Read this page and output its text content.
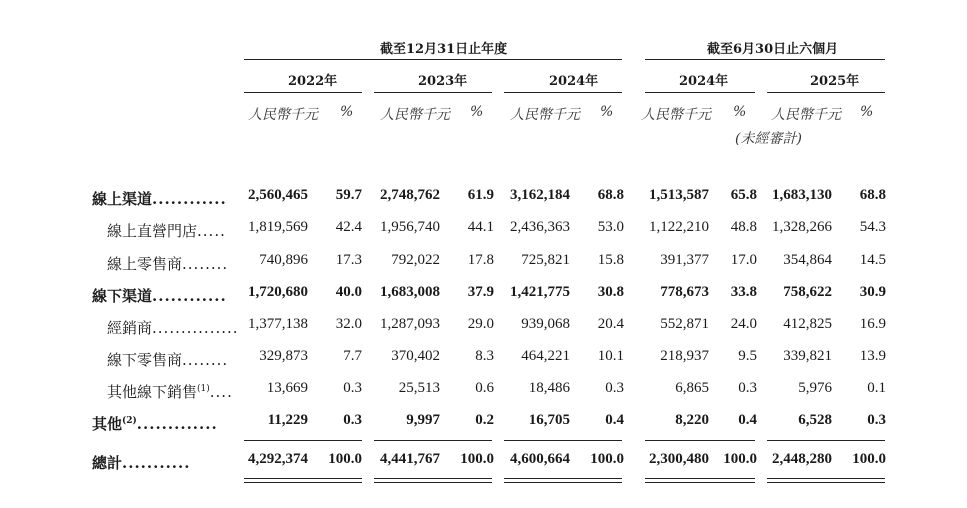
截至12月31日止年度	截至6月30日止六個月
2022年	2023年	2024年	2024年	2025年
人民幣千元 % 人民幣千元 % 人民幣千元 % 人民幣千元 % 人民幣千元 %
(未經審計)
線上渠道............ 2,560,465 59.7 2,748,762 61.9 3,162,184 68.8 1,513,587 65.8 1,683,130 68.8
線上直營門店..... 1,819,569 42.4 1,956,740 44.1 2,436,363 53.0 1,122,210 48.8 1,328,266 54.3
線上零售商........ 740,896 17.3 792,022 17.8 725,821 15.8 391,377 17.0 354,864 14.5
線下渠道............ 1,720,680 40.0 1,683,008 37.9 1,421,775 30.8 778,673 33.8 758,622 30.9
經銷商............... 1,377,138 32.0 1,287,093 29.0 939,068 20.4 552,871 24.0 412,825 16.9
線下零售商........ 329,873 7.7 370,402 8.3 464,221 10.1 218,937 9.5 339,821 13.9
其他線下銷售$^{(1)}$.... 13,669 0.3 25,513 0.6 18,486 0.3	6,865 0.3	5,976 0.1
其他$^{(2)}$.............	11,229 0.3	9,997 0.2 16,705 0.4	8,220 0.4	6,528 0.3
總計...........	4,292,374 100.0 4,441,767 100.0 4,600,664 100.0 2,300,480 100.0 2,448,280 100.0
